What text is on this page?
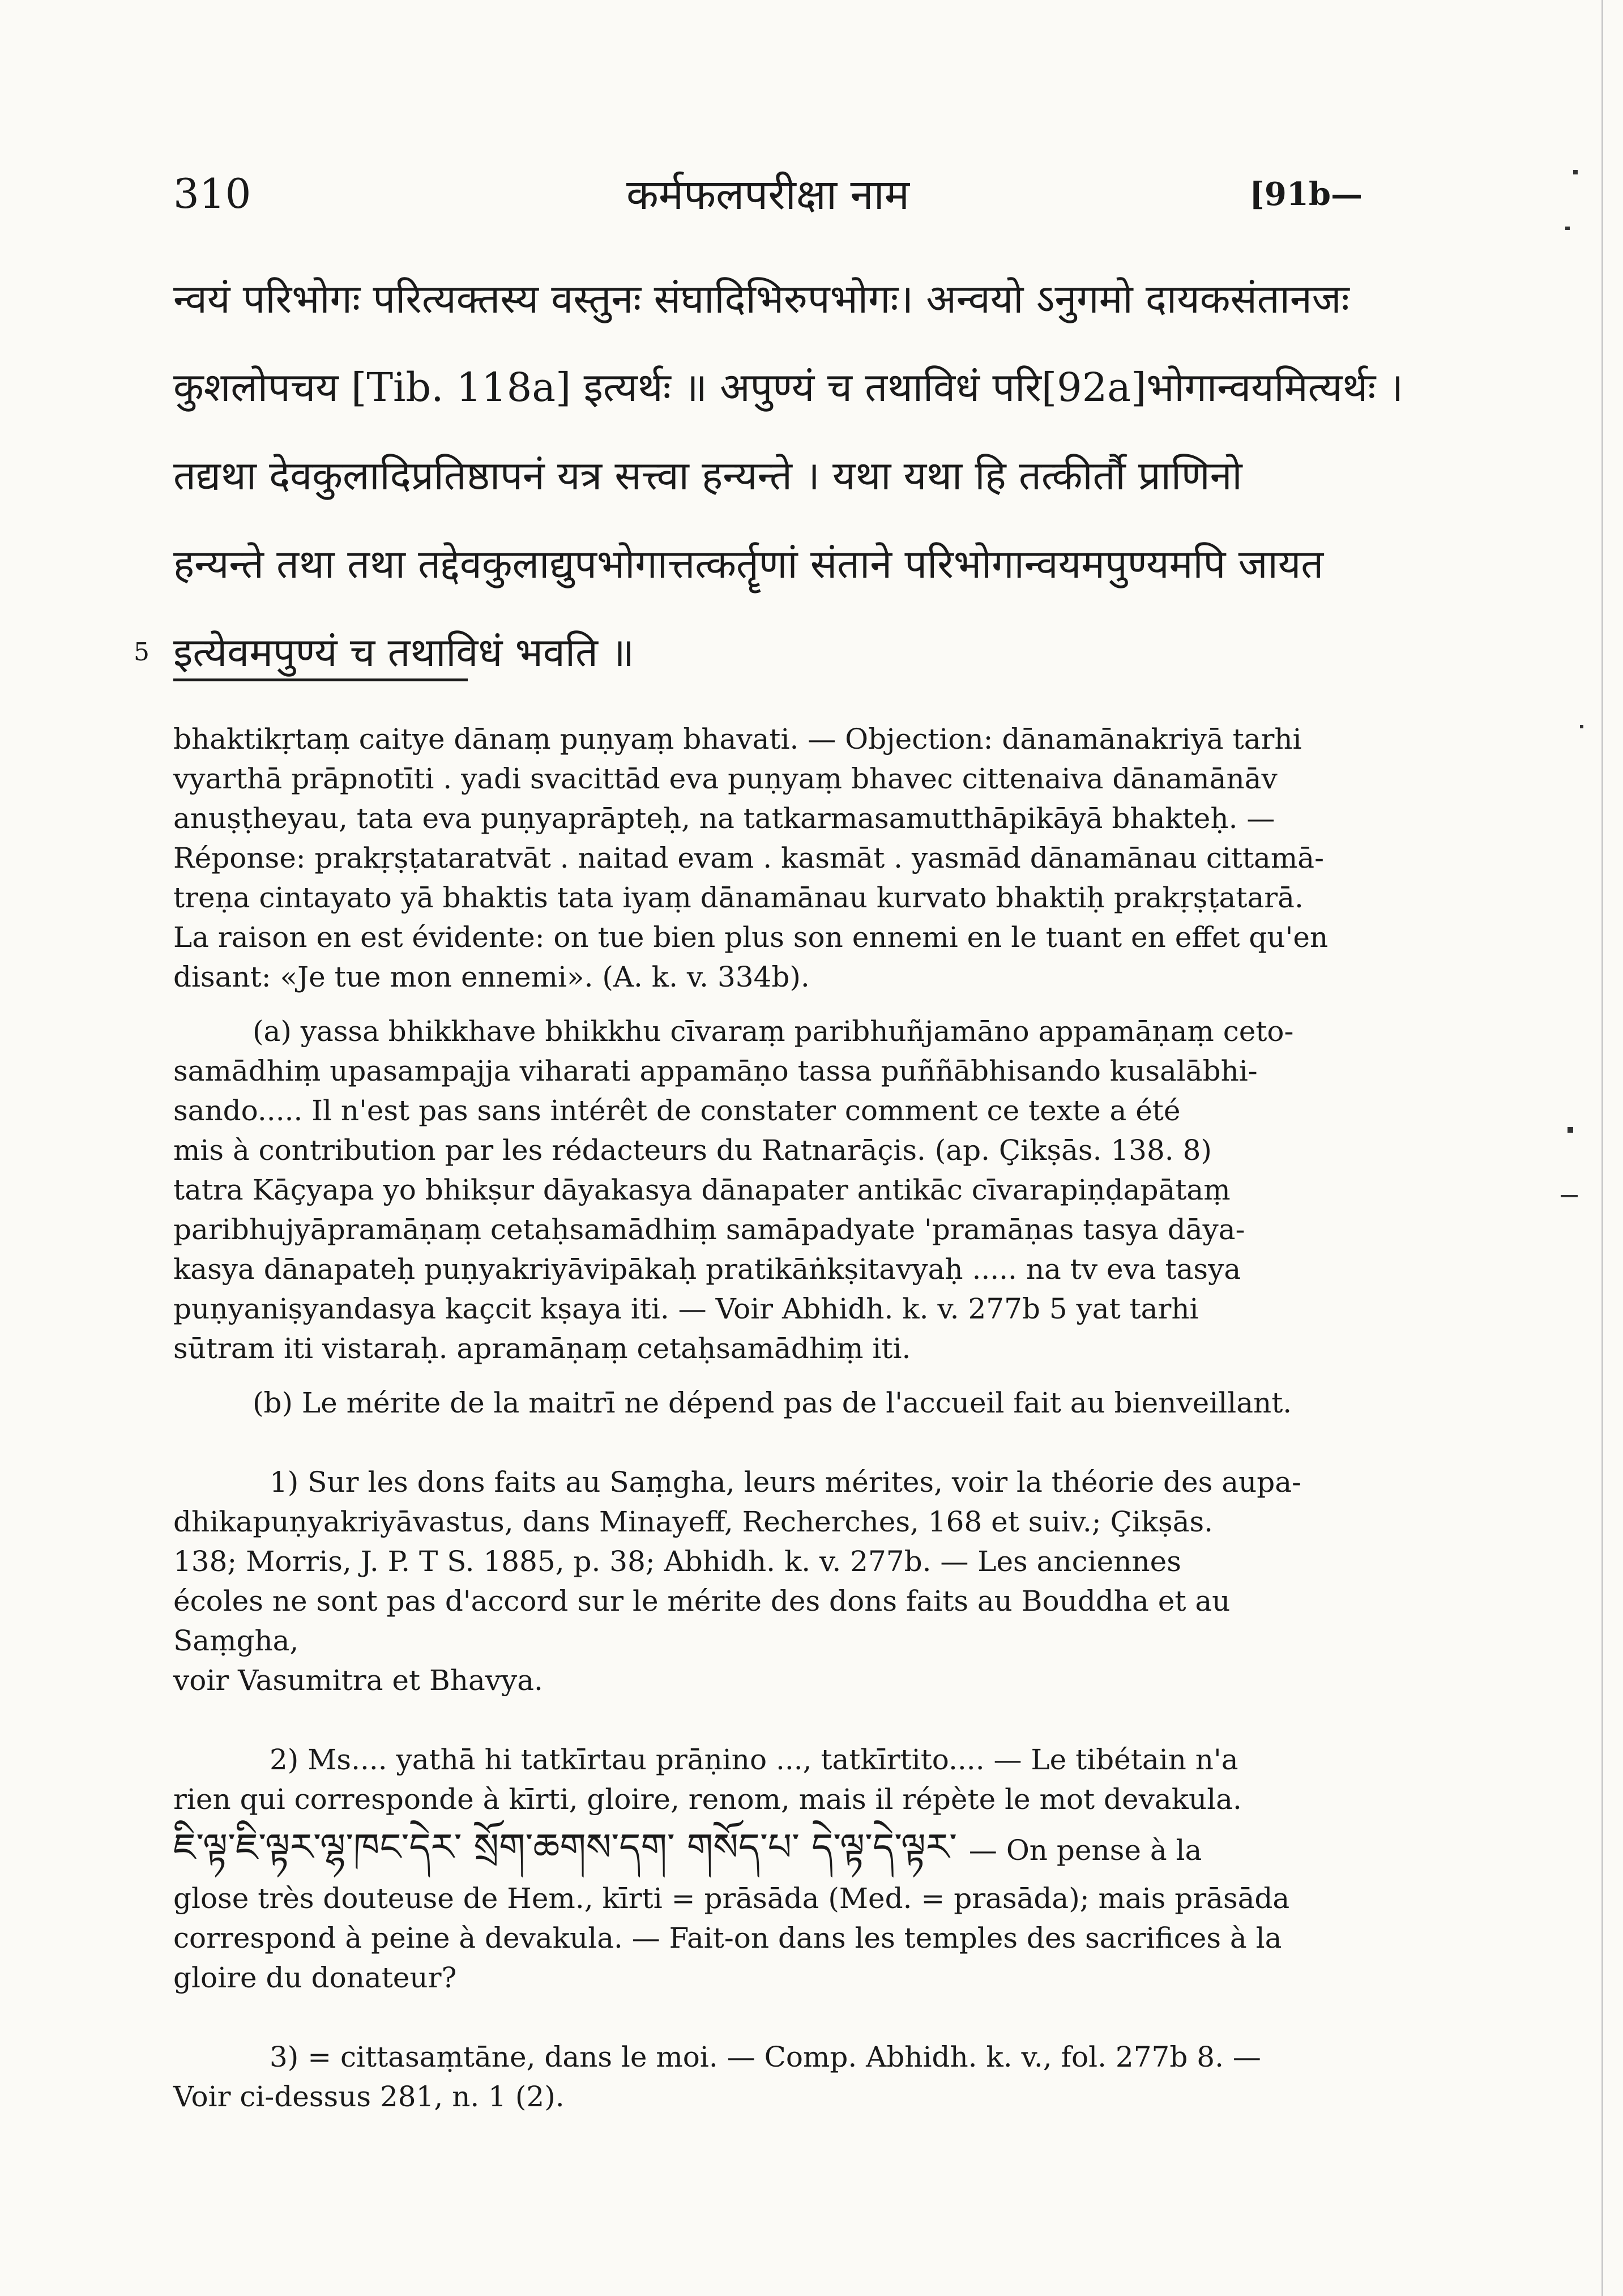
310	कर्मफलपरीक्षा नाम	[91b—
न्वयं परिभोगः परित्यक्तस्य वस्तुनः संघादिभिरुपभोगः। अन्वयो ऽनुगमो दायकसंतानजः
कुशलोपचय [Tib. 118a] इत्यर्थः ॥ अपुण्यं च तथाविधं परि[92a]भोगान्वयमित्यर्थः ।
तद्यथा देवकुलादिप्रतिष्ठापनं यत्र सत्त्वा हन्यन्ते । यथा यथा हि तत्कीर्तौ प्राणिनो
हन्यन्ते तथा तथा तद्देवकुलाद्युपभोगात्तत्कर्तॄणां संताने परिभोगान्वयमपुण्यमपि जायत
5 इत्येवमपुण्यं च तथाविधं भवति ॥

bhaktikṛtaṃ caitye dānaṃ puṇyaṃ bhavati. — Objection: dānamānakriyā tarhi

vyarthā prāpnotīti . yadi svacittād eva puṇyaṃ bhavec cittenaiva dānamānāv

anuṣṭheyau, tata eva puṇyaprāpteḥ, na tatkarmasamutthāpikāyā bhakteḥ. —

Réponse: prakṛṣṭataratvāt . naitad evam . kasmāt . yasmād dānamānau cittamā-

treṇa cintayato yā bhaktis tata iyaṃ dānamānau kurvato bhaktiḥ prakṛṣṭatarā.

La raison en est évidente: on tue bien plus son ennemi en le tuant en effet qu'en

disant: «Je tue mon ennemi». (A. k. v. 334b).

(a) yassa bhikkhave bhikkhu cīvaraṃ paribhuñjamāno appamāṇaṃ ceto-

samādhiṃ upasampajja viharati appamāṇo tassa puññābhisando kusalābhi-

sando..... Il n'est pas sans intérêt de constater comment ce texte a été

mis à contribution par les rédacteurs du Ratnarāçis. (ap. Çikṣās. 138. 8)

tatra Kāçyapa yo bhikṣur dāyakasya dānapater antikāc cīvarapiṇḍapātaṃ

paribhujyāpramāṇaṃ cetaḥsamādhiṃ samāpadyate 'pramāṇas tasya dāya-

kasya dānapateḥ puṇyakriyāvipākaḥ pratikāṅkṣitavyaḥ ..... na tv eva tasya

puṇyaniṣyandasya kaçcit kṣaya iti. — Voir Abhidh. k. v. 277b 5 yat tarhi

sūtram iti vistaraḥ. apramāṇaṃ cetaḥsamādhiṃ iti.

(b) Le mérite de la maitrī ne dépend pas de l'accueil fait au bienveillant.

1) Sur les dons faits au Saṃgha, leurs mérites, voir la théorie des aupa-

dhikapuṇyakriyāvastus, dans Minayeff, Recherches, 168 et suiv.; Çikṣās.

138; Morris, J. P. T S. 1885, p. 38; Abhidh. k. v. 277b. — Les anciennes

écoles ne sont pas d'accord sur le mérite des dons faits au Bouddha et au Saṃgha,

voir Vasumitra et Bhavya.

2) Ms.... yathā hi tatkīrtau prāṇino ..., tatkīrtito.... — Le tibétain n'a

rien qui corresponde à kīrti, gloire, renom, mais il répète le mot devakula.

ཇི་ལྟ་ཇི་ལྟར་ལྷ་ཁང་དེར་ སྲོག་ཆགས་དག་ གསོད་པ་ དེ་ལྟ་དེ་ལྟར་ — On pense à la

glose très douteuse de Hem., kīrti = prāsāda (Med. = prasāda); mais prāsāda

correspond à peine à devakula. — Fait-on dans les temples des sacrifices à la

gloire du donateur?

3) = cittasaṃtāne, dans le moi. — Comp. Abhidh. k. v., fol. 277b 8. —

Voir ci-dessus 281, n. 1 (2).
